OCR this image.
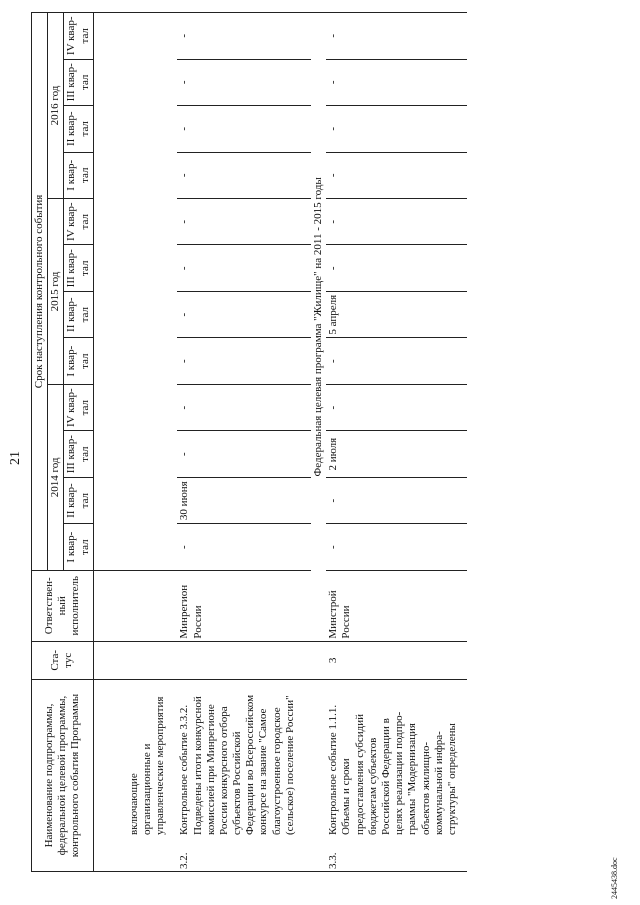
21
Наименование подпрограммы, федеральной целевой программы, контрольного события Программы	Ста-тус	Ответствен-ный исполнитель	Срок наступления контрольного события											
			2014 год				2015 год				2016 год			
			I квар-тал	II квар-тал	III квар-тал	IV квар-тал	I квар-тал	II квар-тал	III квар-тал	IV квар-тал	I квар-тал	II квар-тал	III квар-тал	IV квар-тал
включающие организационные и управленческие мероприятия														
3.2.Контрольное событие 3.3.2. Подведены итоги конкурсной комиссией при Минрегионе России конкурсного отбора субъектов Российской Федерации во Всероссийском конкурсе на звание "Самое благоустроенное городское (сельское) поселение России"		Минрегион России	-	30 июня	-	-	-	-	-	-	-	-	-	-
		Федеральная целевая программа "Жилище" на 2011 - 2015 годы												
3.3.Контрольное событие 1.1.1. Объемы и сроки предоставления субсидий бюджетам субъектов Российской Федерации в целях реализации подпро-граммы "Модернизация объектов жилищно-коммунальной инфра-структуры" определены	3	Минстрой России	-	-	2 июля	-	-	5 апреля	-	-	-	-	-	-
2445438.doc
